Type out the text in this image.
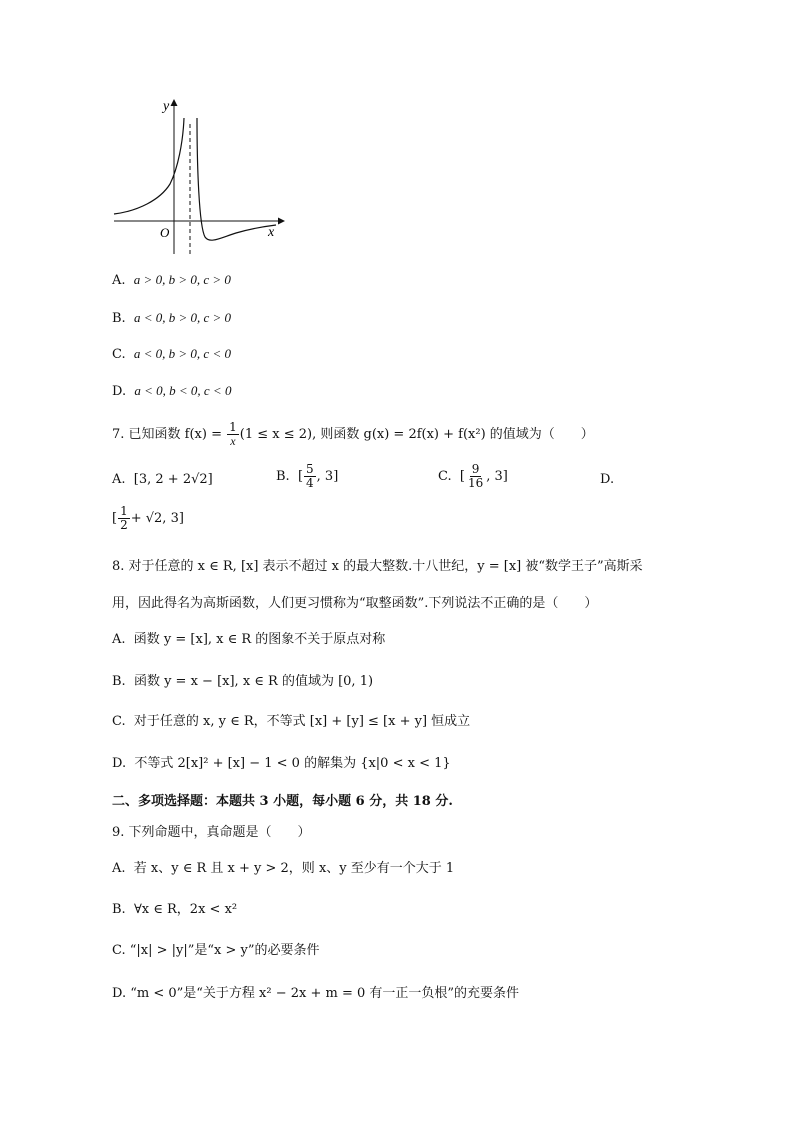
y
x
O
A. a > 0, b > 0, c > 0
B. a < 0, b > 0, c > 0
C. a < 0, b > 0, c < 0
D. a < 0, b < 0, c < 0
7. 已知函数 $f(x) = \frac{1}{x} (1 \le x \le 2)$, 则函数 g(x) = 2f(x) + f(x²) 的值域为（　　）
A. [3, 2 + 2√2]	B. [ $\frac{5}{4}$ , 3]	C. [ $\frac{9}{16}$ , 3]	D.
[ $\frac{1}{2} + √2$, 3]
8. 对于任意的 x ∈ R, [x] 表示不超过 x 的最大整数.十八世纪，y = [x] 被“数学王子”高斯采
用，因此得名为高斯函数，人们更习惯称为“取整函数”.下列说法不正确的是（　　）
A. 函数 y = [x], x ∈ R 的图象不关于原点对称
B. 函数 y = x − [x], x ∈ R 的值域为 [0, 1)
C. 对于任意的 x, y ∈ R，不等式 [x] + [y] ≤ [x + y] 恒成立
D. 不等式 2[x]² + [x] − 1 < 0 的解集为 {x|0 < x < 1}
二、多项选择题：本题共 3 小题，每小题 6 分，共 18 分.
9. 下列命题中，真命题是（　　）
A. 若 x、y ∈ R 且 x + y > 2，则 x、y 至少有一个大于 1
B. ∀x ∈ R，2x < x²
C. “|x| > |y|”是“x > y”的必要条件
D. “m < 0”是“关于方程 x² − 2x + m = 0 有一正一负根”的充要条件
